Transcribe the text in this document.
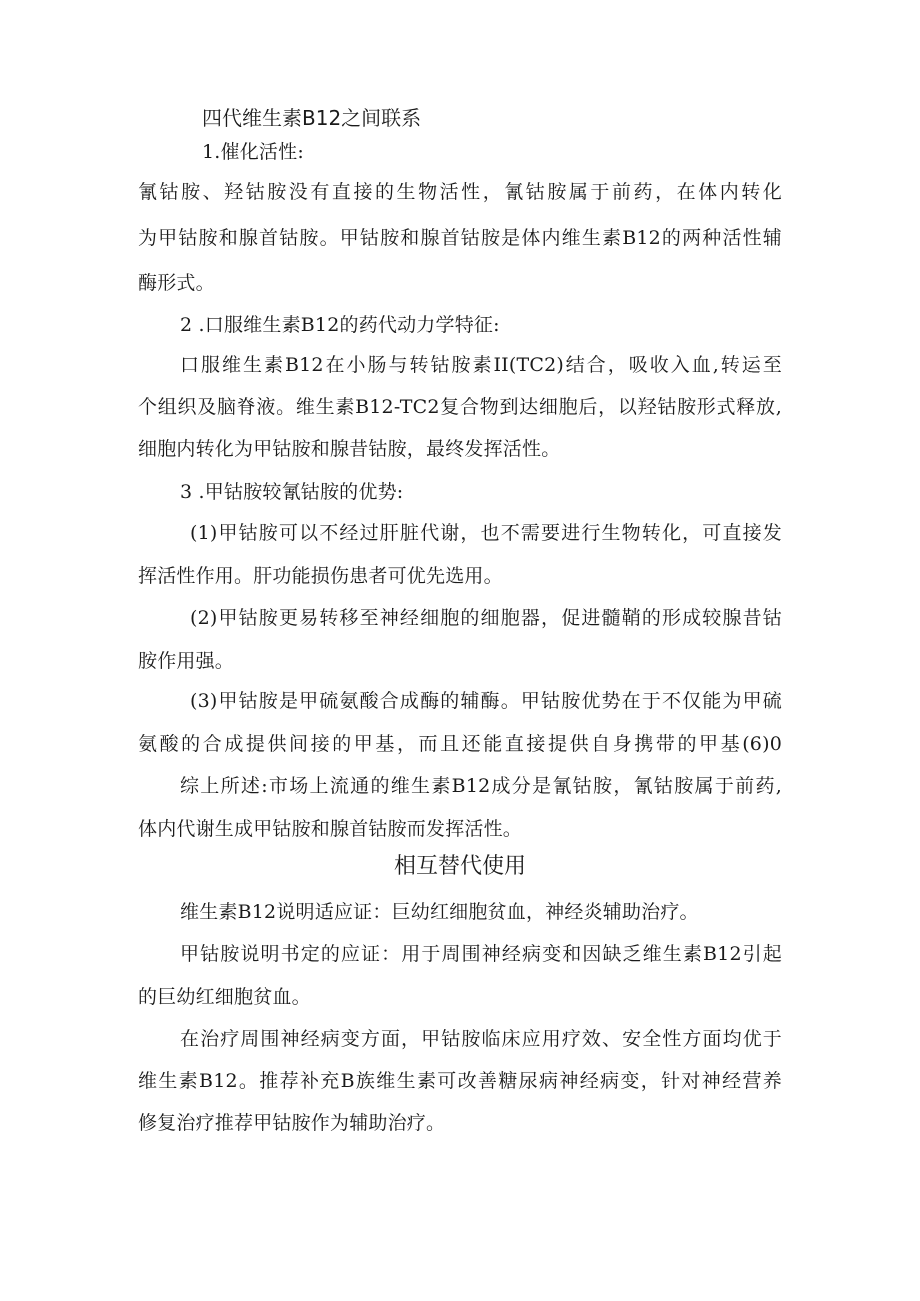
四代维生素B12之间联系
1.催化活性:
氰钴胺、羟钴胺没有直接的生物活性，氰钴胺属于前药，在体内转化
为甲钴胺和腺首钴胺。甲钴胺和腺首钴胺是体内维生素B12的两种活性辅
酶形式。
2 .口服维生素B12的药代动力学特征:
口服维生素B12在小肠与转钴胺素II(TC2)结合，吸收入血,转运至
个组织及脑脊液。维生素B12-TC2复合物到达细胞后，以羟钴胺形式释放,
细胞内转化为甲钴胺和腺昔钴胺，最终发挥活性。
3 .甲钴胺较氰钴胺的优势:
(1)甲钴胺可以不经过肝脏代谢，也不需要进行生物转化，可直接发
挥活性作用。肝功能损伤患者可优先选用。
(2)甲钴胺更易转移至神经细胞的细胞器，促进髓鞘的形成较腺昔钴
胺作用强。
(3)甲钴胺是甲硫氨酸合成酶的辅酶。甲钴胺优势在于不仅能为甲硫
氨酸的合成提供间接的甲基，而且还能直接提供自身携带的甲基(6)0
综上所述:市场上流通的维生素B12成分是氰钴胺，氰钴胺属于前药,
体内代谢生成甲钴胺和腺首钴胺而发挥活性。
相互替代使用
维生素B12说明适应证：巨幼红细胞贫血，神经炎辅助治疗。
甲钴胺说明书定的应证：用于周围神经病变和因缺乏维生素B12引起
的巨幼红细胞贫血。
在治疗周围神经病变方面，甲钴胺临床应用疗效、安全性方面均优于
维生素B12。推荐补充B族维生素可改善糖尿病神经病变，针对神经营养
修复治疗推荐甲钴胺作为辅助治疗。
